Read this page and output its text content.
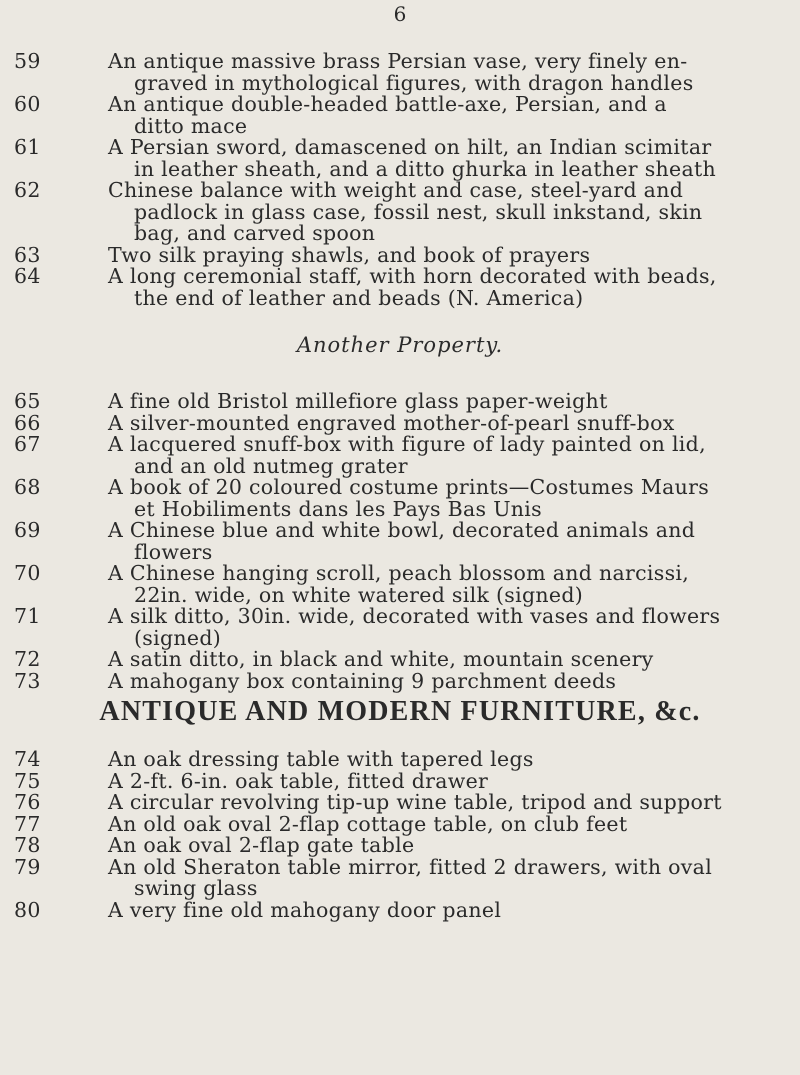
6
59	An antique massive brass Persian vase, very finely en-
graved in mythological figures, with dragon handles
60	An antique double-headed battle-axe, Persian, and a
ditto mace
61	A Persian sword, damascened on hilt, an Indian scimitar
in leather sheath, and a ditto ghurka in leather sheath
62	Chinese balance with weight and case, steel-yard and
padlock in glass case, fossil nest, skull inkstand, skin
bag, and carved spoon
63	Two silk praying shawls, and book of prayers
64	A long ceremonial staff, with horn decorated with beads,
the end of leather and beads (N. America)
Another Property.
65	A fine old Bristol millefiore glass paper-weight
66	A silver-mounted engraved mother-of-pearl snuff-box
67	A lacquered snuff-box with figure of lady painted on lid,
and an old nutmeg grater
68	A book of 20 coloured costume prints—Costumes Maurs
et Hobiliments dans les Pays Bas Unis
69	A Chinese blue and white bowl, decorated animals and
flowers
70	A Chinese hanging scroll, peach blossom and narcissi,
22in. wide, on white watered silk (signed)
71	A silk ditto, 30in. wide, decorated with vases and flowers
(signed)
72	A satin ditto, in black and white, mountain scenery
73	A mahogany box containing 9 parchment deeds
ANTIQUE AND MODERN FURNITURE, &c.
74	An oak dressing table with tapered legs
75	A 2-ft. 6-in. oak table, fitted drawer
76	A circular revolving tip-up wine table, tripod and support
77	An old oak oval 2-flap cottage table, on club feet
78	An oak oval 2-flap gate table
79	An old Sheraton table mirror, fitted 2 drawers, with oval
swing glass
80	A very fine old mahogany door panel
